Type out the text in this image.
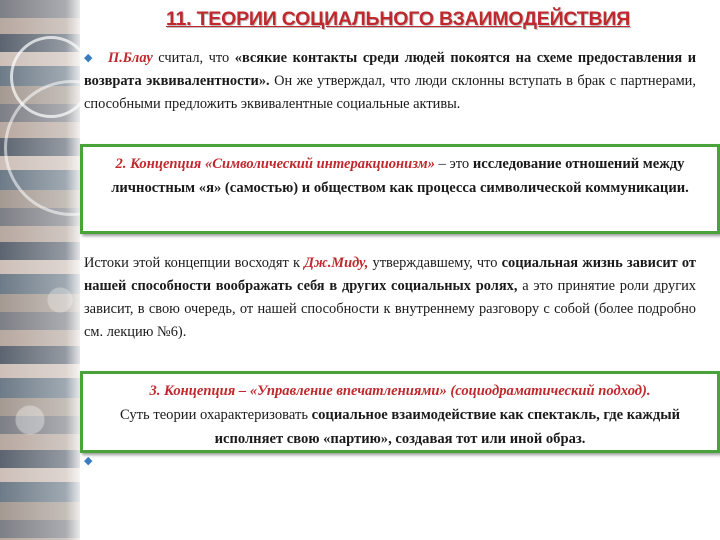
11. ТЕОРИИ СОЦИАЛЬНОГО ВЗАИМОДЕЙСТВИЯ
◆ П.Блау считал, что «всякие контакты среди людей покоятся на схеме предоставления и возврата эквивалентности». Он же утверждал, что люди склонны вступать в брак с партнерами, способными предложить эквивалентные социальные активы.
2. Концепция «Символический интеракционизм» – это исследование отношений между личностным «я» (самостью) и обществом как процесса символической коммуникации.
Истоки этой концепции восходят к Дж.Миду, утверждавшему, что социальная жизнь зависит от нашей способности воображать себя в других социальных ролях, а это принятие роли других зависит, в свою очередь, от нашей способности к внутреннему разговору с собой (более подробно см. лекцию №6).
3. Концепция – «Управление впечатлениями» (социодраматический подход).
Суть теории охарактеризовать социальное взаимодействие как спектакль, где каждый исполняет свою «партию», создавая тот или иной образ.
◆
